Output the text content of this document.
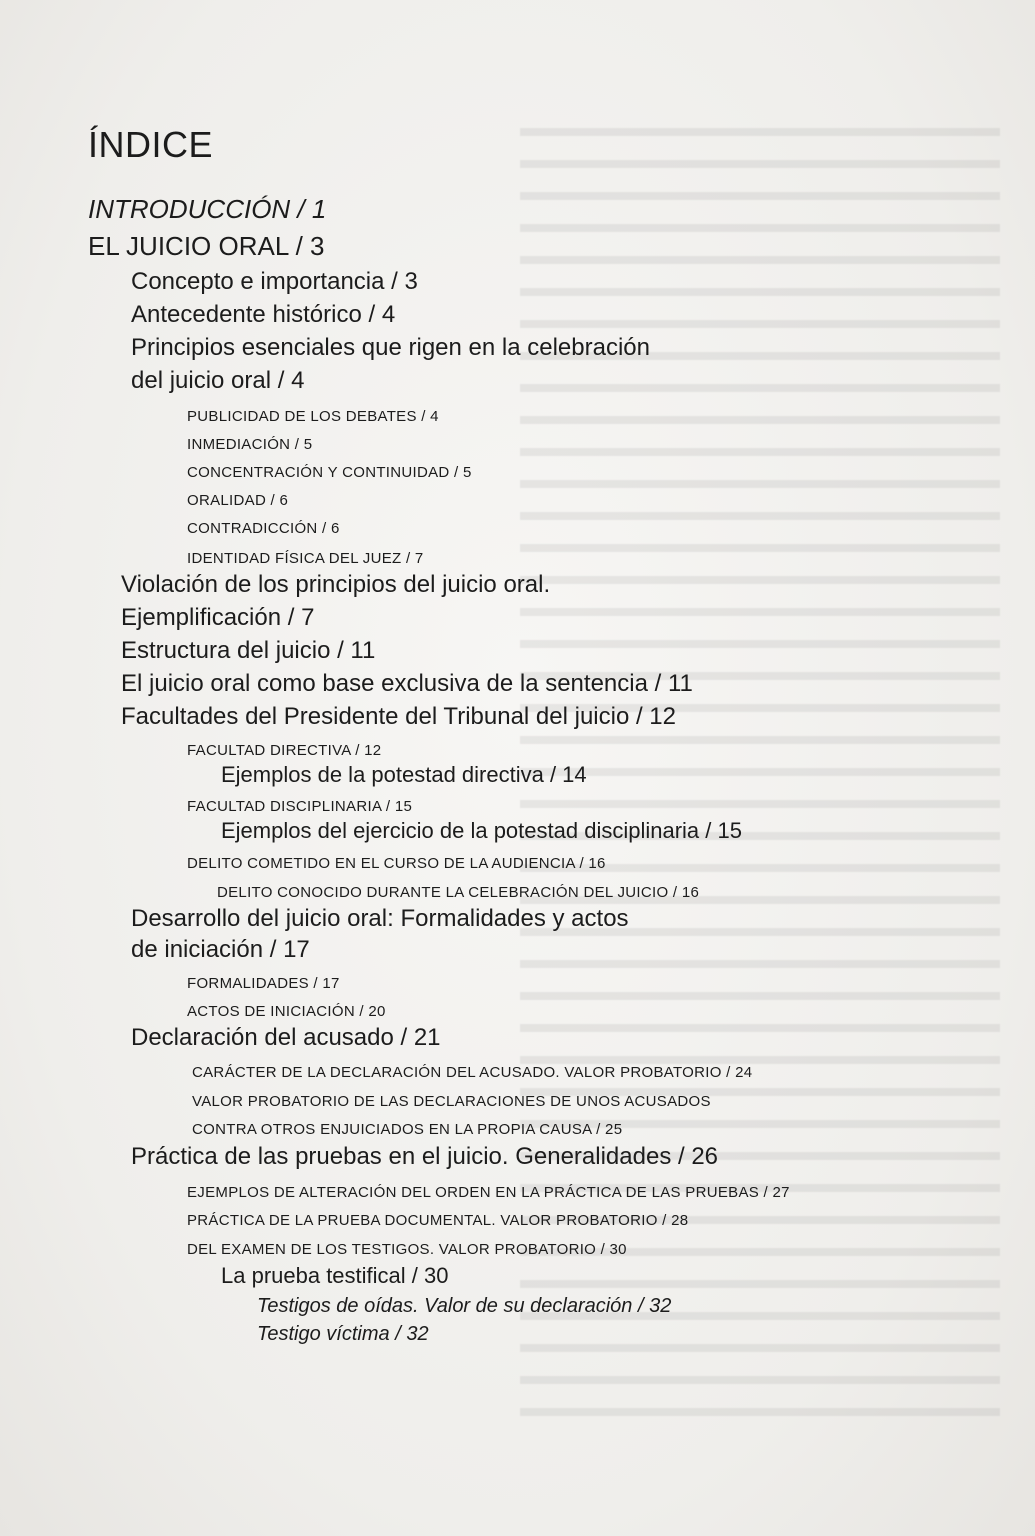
ÍNDICE
INTRODUCCIÓN / 1
EL JUICIO ORAL / 3
Concepto e importancia / 3
Antecedente histórico / 4
Principios esenciales que rigen en la celebración
del juicio oral / 4
PUBLICIDAD DE LOS DEBATES / 4
INMEDIACIÓN / 5
CONCENTRACIÓN Y CONTINUIDAD / 5
ORALIDAD / 6
CONTRADICCIÓN / 6
IDENTIDAD FÍSICA DEL JUEZ / 7
Violación de los principios del juicio oral.
Ejemplificación / 7
Estructura del juicio / 11
El juicio oral como base exclusiva de la sentencia / 11
Facultades del Presidente del Tribunal del juicio / 12
FACULTAD DIRECTIVA / 12
Ejemplos de la potestad directiva / 14
FACULTAD DISCIPLINARIA / 15
Ejemplos del ejercicio de la potestad disciplinaria / 15
DELITO COMETIDO EN EL CURSO DE LA AUDIENCIA / 16
DELITO CONOCIDO DURANTE LA CELEBRACIÓN DEL JUICIO / 16
Desarrollo del juicio oral: Formalidades y actos
de iniciación / 17
FORMALIDADES / 17
ACTOS DE INICIACIÓN / 20
Declaración del acusado / 21
CARÁCTER DE LA DECLARACIÓN DEL ACUSADO. VALOR PROBATORIO / 24
VALOR PROBATORIO DE LAS DECLARACIONES DE UNOS ACUSADOS
CONTRA OTROS ENJUICIADOS EN LA PROPIA CAUSA / 25
Práctica de las pruebas en el juicio. Generalidades / 26
EJEMPLOS DE ALTERACIÓN DEL ORDEN EN LA PRÁCTICA DE LAS PRUEBAS / 27
PRÁCTICA DE LA PRUEBA DOCUMENTAL. VALOR PROBATORIO / 28
DEL EXAMEN DE LOS TESTIGOS. VALOR PROBATORIO / 30
La prueba testifical / 30
Testigos de oídas. Valor de su declaración / 32
Testigo víctima / 32
